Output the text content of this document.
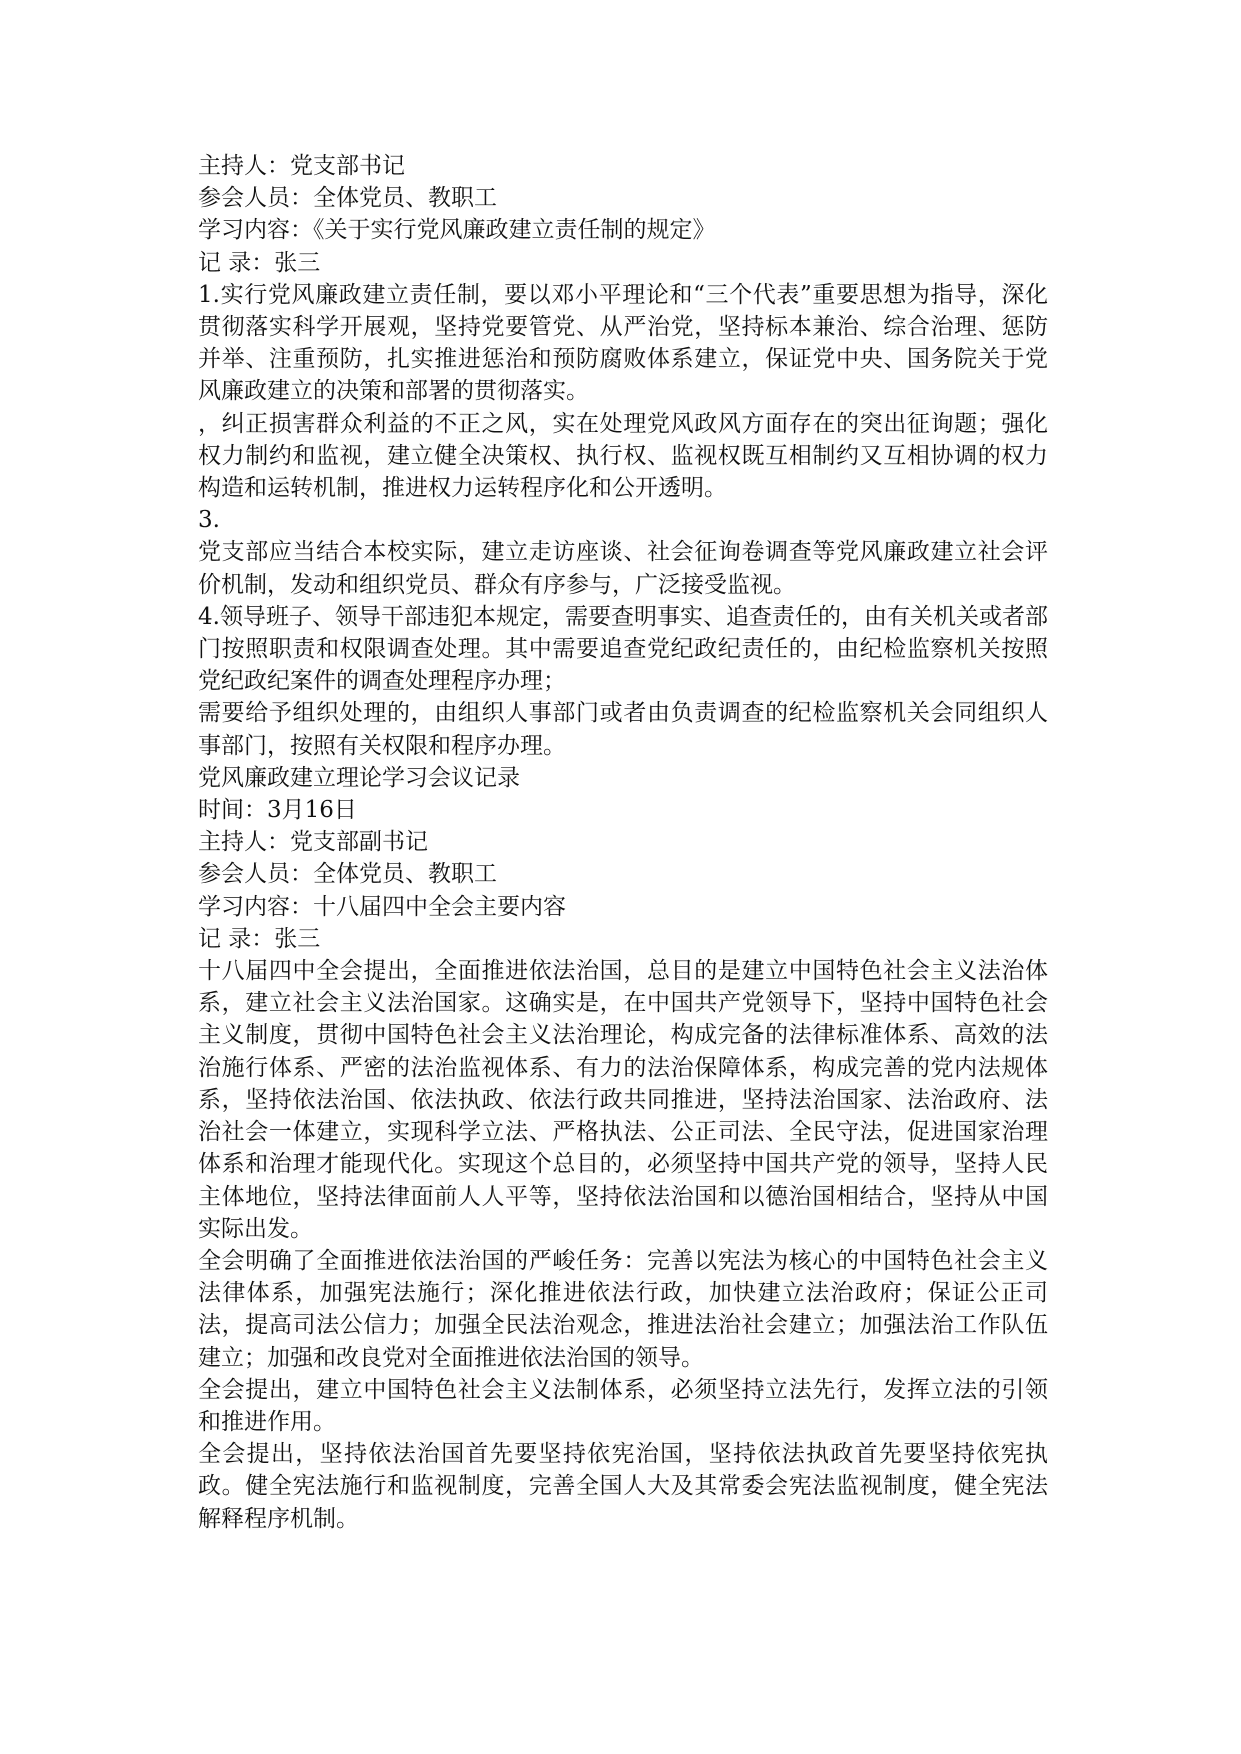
主持人：党支部书记

参会人员：全体党员、教职工

学习内容：《关于实行党风廉政建立责任制的规定》

记 录：张三

1.实行党风廉政建立责任制，要以邓小平理论和“三个代表”重要思想为指导，深化贯彻落实科学开展观，坚持党要管党、从严治党，坚持标本兼治、综合治理、惩防并举、注重预防，扎实推进惩治和预防腐败体系建立，保证党中央、国务院关于党风廉政建立的决策和部署的贯彻落实。

，纠正损害群众利益的不正之风，实在处理党风政风方面存在的突出征询题；强化权力制约和监视，建立健全决策权、执行权、监视权既互相制约又互相协调的权力构造和运转机制，推进权力运转程序化和公开透明。

3.

党支部应当结合本校实际，建立走访座谈、社会征询卷调查等党风廉政建立社会评价机制，发动和组织党员、群众有序参与，广泛接受监视。

4.领导班子、领导干部违犯本规定，需要查明事实、追查责任的，由有关机关或者部门按照职责和权限调查处理。其中需要追查党纪政纪责任的，由纪检监察机关按照党纪政纪案件的调查处理程序办理；

需要给予组织处理的，由组织人事部门或者由负责调查的纪检监察机关会同组织人事部门，按照有关权限和程序办理。

党风廉政建立理论学习会议记录

时间：3月16日

主持人：党支部副书记

参会人员：全体党员、教职工

学习内容：十八届四中全会主要内容

记 录：张三

十八届四中全会提出，全面推进依法治国，总目的是建立中国特色社会主义法治体系，建立社会主义法治国家。这确实是，在中国共产党领导下，坚持中国特色社会主义制度，贯彻中国特色社会主义法治理论，构成完备的法律标准体系、高效的法治施行体系、严密的法治监视体系、有力的法治保障体系，构成完善的党内法规体系，坚持依法治国、依法执政、依法行政共同推进，坚持法治国家、法治政府、法治社会一体建立，实现科学立法、严格执法、公正司法、全民守法，促进国家治理体系和治理才能现代化。实现这个总目的，必须坚持中国共产党的领导，坚持人民主体地位，坚持法律面前人人平等，坚持依法治国和以德治国相结合，坚持从中国实际出发。

全会明确了全面推进依法治国的严峻任务：完善以宪法为核心的中国特色社会主义法律体系，加强宪法施行；深化推进依法行政，加快建立法治政府；保证公正司法，提高司法公信力；加强全民法治观念，推进法治社会建立；加强法治工作队伍建立；加强和改良党对全面推进依法治国的领导。

全会提出，建立中国特色社会主义法制体系，必须坚持立法先行，发挥立法的引领和推进作用。

全会提出，坚持依法治国首先要坚持依宪治国，坚持依法执政首先要坚持依宪执政。健全宪法施行和监视制度，完善全国人大及其常委会宪法监视制度，健全宪法解释程序机制。
